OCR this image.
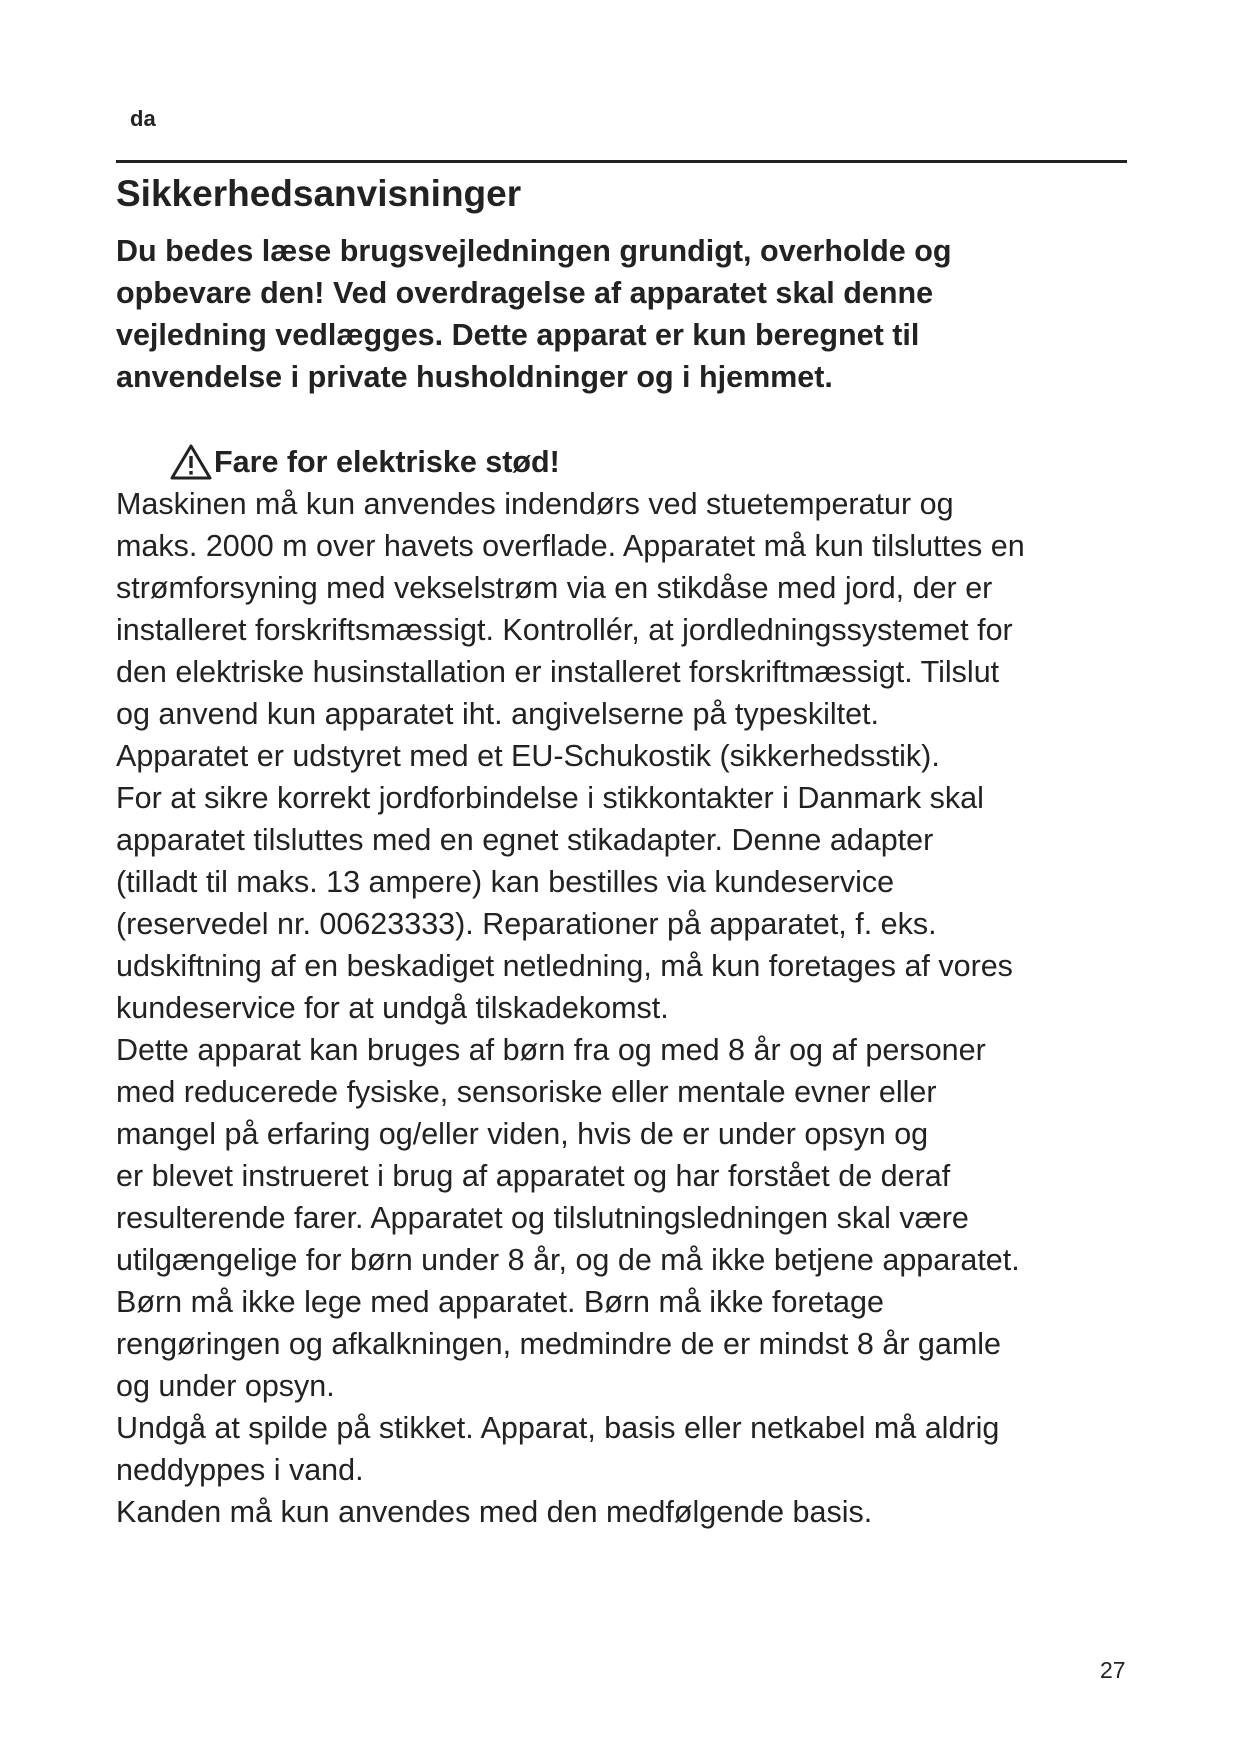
da
Sikkerhedsanvisninger

Du bedes læse brugsvejledningen grundigt, overholde og
opbevare den! Ved overdragelse af apparatet skal denne
vejledning vedlægges. Dette apparat er kun beregnet til
anvendelse i private husholdninger og i hjemmet.

Fare for elektriske stød!

Maskinen må kun anvendes indendørs ved stuetemperatur og
maks. 2000 m over havets overflade. Apparatet må kun tilsluttes en
strømforsyning med vekselstrøm via en stikdåse med jord, der er
installeret forskriftsmæssigt. Kontrollér, at jordledningssystemet for
den elektriske husinstallation er installeret forskriftmæssigt. Tilslut
og anvend kun apparatet iht. angivelserne på typeskiltet.
Apparatet er udstyret med et EU-Schukostik (sikkerhedsstik).
For at sikre korrekt jordforbindelse i stikkontakter i Danmark skal
apparatet tilsluttes med en egnet stikadapter. Denne adapter
(tilladt til maks. 13 ampere) kan bestilles via kundeservice
(reservedel nr. 00623333). Reparationer på apparatet, f. eks.
udskiftning af en beskadiget netledning, må kun foretages af vores
kundeservice for at undgå tilskadekomst.
Dette apparat kan bruges af børn fra og med 8 år og af personer
med reducerede fysiske, sensoriske eller mentale evner eller
mangel på erfaring og/eller viden, hvis de er under opsyn og
er blevet instrueret i brug af apparatet og har forstået de deraf
resulterende farer. Apparatet og tilslutningsledningen skal være
utilgængelige for børn under 8 år, og de må ikke betjene apparatet.
Børn må ikke lege med apparatet. Børn må ikke foretage
rengøringen og afkalkningen, medmindre de er mindst 8 år gamle
og under opsyn.
Undgå at spilde på stikket. Apparat, basis eller netkabel må aldrig
neddyppes i vand.
Kanden må kun anvendes med den medfølgende basis.

27
